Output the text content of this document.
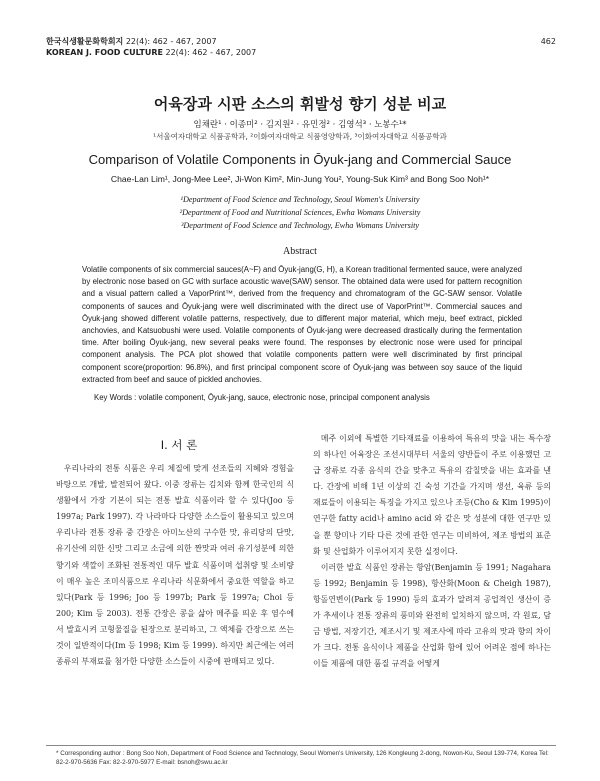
한국식생활문화학회지 22(4): 462 - 467, 2007
KOREAN J. FOOD CULTURE 22(4): 462 - 467, 2007
462
어육장과 시판 소스의 휘발성 향기 성분 비교
임채란¹ · 이종미² · 김지원² · 유민정² · 김영석³ · 노봉수¹*
¹서울여자대학교 식품공학과, ²이화여자대학교 식품영양학과, ³이화여자대학교 식품공학과
Comparison of Volatile Components in Ōyuk-jang and Commercial Sauce
Chae-Lan Lim¹, Jong-Mee Lee², Ji-Won Kim², Min-Jung You², Young-Suk Kim³ and Bong Soo Noh¹*
¹Department of Food Science and Technology, Seoul Women's University
²Department of Food and Nutritional Sciences, Ewha Womans University
³Department of Food Science and Technology, Ewha Womans University
Abstract

Volatile components of six commercial sauces(A~F) and Ōyuk-jang(G, H), a Korean traditional fermented sauce, were analyzed by electronic nose based on GC with surface acoustic wave(SAW) sensor. The obtained data were used for pattern recognition and a visual pattern called a VaporPrint™, derived from the frequency and chromatogram of the GC-SAW sensor. Volatile components of sauces and Ōyuk-jang were well discriminated with the direct use of VaporPrint™. Commercial sauces and Ōyuk-jang showed different volatile patterns, respectively, due to different major material, which meju, beef extract, pickled anchovies, and Katsuobushi were used. Volatile components of Ōyuk-jang were decreased drastically during the fermentation time. After boiling Ōyuk-jang, new several peaks were found. The responses by electronic nose were used for principal component analysis. The PCA plot showed that volatile components pattern were well discriminated by first principal component score(proportion: 96.8%), and first principal component score of Ōyuk-jang was between soy sauce of the liquid extracted from beef and sauce of pickled anchovies.

Key Words : volatile component, Ōyuk-jang, sauce, electronic nose, principal component analysis
Ⅰ. 서 론

우리나라의 전통 식품은 우리 체질에 맞게 선조들의 지혜와 경험을 바탕으로 개발, 발전되어 왔다. 이중 장류는 김치와 함께 한국인의 식생활에서 가장 기본이 되는 전통 발효 식품이라 할 수 있다(Joo 등 1997a; Park 1997). 각 나라마다 다양한 소스들이 활용되고 있으며 우리나라 전통 장류 중 간장은 아미노산의 구수한 맛, 유리당의 단맛, 유기산에 의한 신맛 그리고 소금에 의한 짠맛과 여러 유기성분에 의한 향기와 색깔이 조화된 전통적인 대두 발효 식품이며 섭취량 및 소비량이 매우 높은 조미식품으로 우리나라 식문화에서 중요한 역할을 하고 있다(Park 등 1996; Joo 등 1997b; Park 등 1997a; Choi 등 200; Kim 등 2003). 전통 간장은 콩을 삶아 메주를 띄운 후 염수에서 발효시켜 고형물질을 된장으로 분리하고, 그 액체를 간장으로 쓰는 것이 일반적이다(Im 등 1998; Kim 등 1999). 하지만 최근에는 여러 종류의 부재료를 첨가한 다양한 소스들이 시중에 판매되고 있다.

메주 이외에 특별한 기타재료를 이용하여 특유의 맛을 내는 특수장의 하나인 어육장은 조선시대부터 서울의 양반들이 주로 이용했던 고급 장류로 각종 음식의 간을 맞추고 특유의 감칠맛을 내는 효과를 낸다. 간장에 비해 1년 이상의 긴 숙성 기간을 가지며 생선, 육류 등의 재료들이 이용되는 특징을 가지고 있으나 조등(Cho & Kim 1995)이 연구한 fatty acid나 amino acid 와 같은 맛 성분에 대한 연구만 있을 뿐 향미나 기타 다른 것에 관한 연구는 미비하여, 제조 방법의 표준화 및 산업화가 이루어지지 못한 실정이다.

이러한 발효 식품인 장류는 항암(Benjamin 등 1991; Nagahara 등 1992; Benjamin 등 1998), 항산화(Moon & Cheigh 1987), 항돌연변이(Park 등 1990) 등의 효과가 알려져 공업적인 생산이 증가 추세이나 전통 장류의 풍미와 완전히 일치하지 않으며, 각 원료, 담금 방법, 저장기간, 제조시기 및 제조사에 따라 고유의 맛과 향의 차이가 크다. 전통 음식이나 제품을 산업화 함에 있어 어려운 점에 하나는 이들 제품에 대한 품질 규격을 어떻게

* Corresponding author : Bong Soo Noh, Department of Food Science and Technology, Seoul Women's University, 126 Kongleung 2-dong, Nowon-Ku, Seoul 139-774, Korea Tel: 82-2-970-5636 Fax: 82-2-970-5977 E-mail: bsnoh@swu.ac.kr
